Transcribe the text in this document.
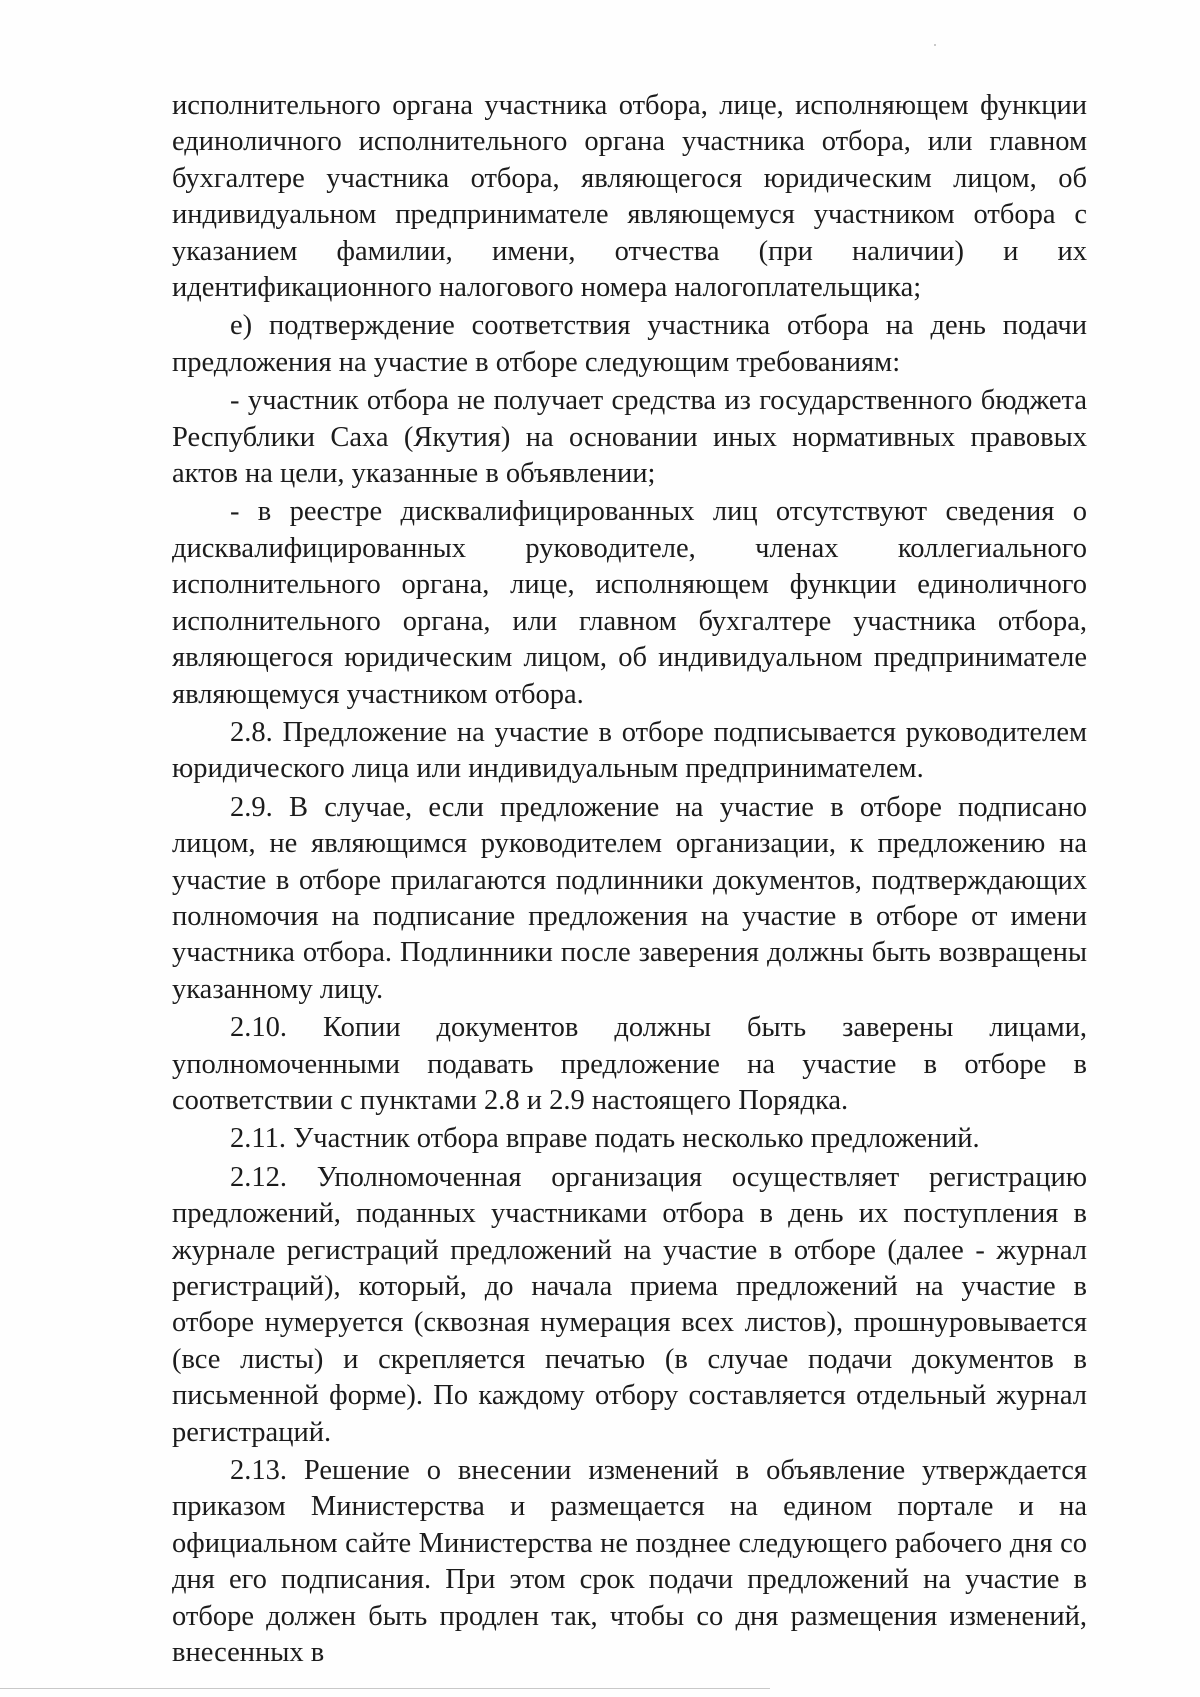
исполнительного органа участника отбора, лице, исполняющем функции единоличного исполнительного органа участника отбора, или главном бухгалтере участника отбора, являющегося юридическим лицом, об индивидуальном предпринимателе являющемуся участником отбора с указанием фамилии, имени, отчества (при наличии) и их идентификационного налогового номера налогоплательщика;

е) подтверждение соответствия участника отбора на день подачи предложения на участие в отборе следующим требованиям:

- участник отбора не получает средства из государственного бюджета Республики Саха (Якутия) на основании иных нормативных правовых актов на цели, указанные в объявлении;

- в реестре дисквалифицированных лиц отсутствуют сведения о дисквалифицированных руководителе, членах коллегиального исполнительного органа, лице, исполняющем функции единоличного исполнительного органа, или главном бухгалтере участника отбора, являющегося юридическим лицом, об индивидуальном предпринимателе являющемуся участником отбора.

2.8. Предложение на участие в отборе подписывается руководителем юридического лица или индивидуальным предпринимателем.

2.9. В случае, если предложение на участие в отборе подписано лицом, не являющимся руководителем организации, к предложению на участие в отборе прилагаются подлинники документов, подтверждающих полномочия на подписание предложения на участие в отборе от имени участника отбора. Подлинники после заверения должны быть возвращены указанному лицу.

2.10. Копии документов должны быть заверены лицами, уполномоченными подавать предложение на участие в отборе в соответствии с пунктами 2.8 и 2.9 настоящего Порядка.

2.11. Участник отбора вправе подать несколько предложений.

2.12. Уполномоченная организация осуществляет регистрацию предложений, поданных участниками отбора в день их поступления в журнале регистраций предложений на участие в отборе (далее - журнал регистраций), который, до начала приема предложений на участие в отборе нумеруется (сквозная нумерация всех листов), прошнуровывается (все листы) и скрепляется печатью (в случае подачи документов в письменной форме). По каждому отбору составляется отдельный журнал регистраций.

2.13. Решение о внесении изменений в объявление утверждается приказом Министерства и размещается на едином портале и на официальном сайте Министерства не позднее следующего рабочего дня со дня его подписания. При этом срок подачи предложений на участие в отборе должен быть продлен так, чтобы со дня размещения изменений, внесенных в
